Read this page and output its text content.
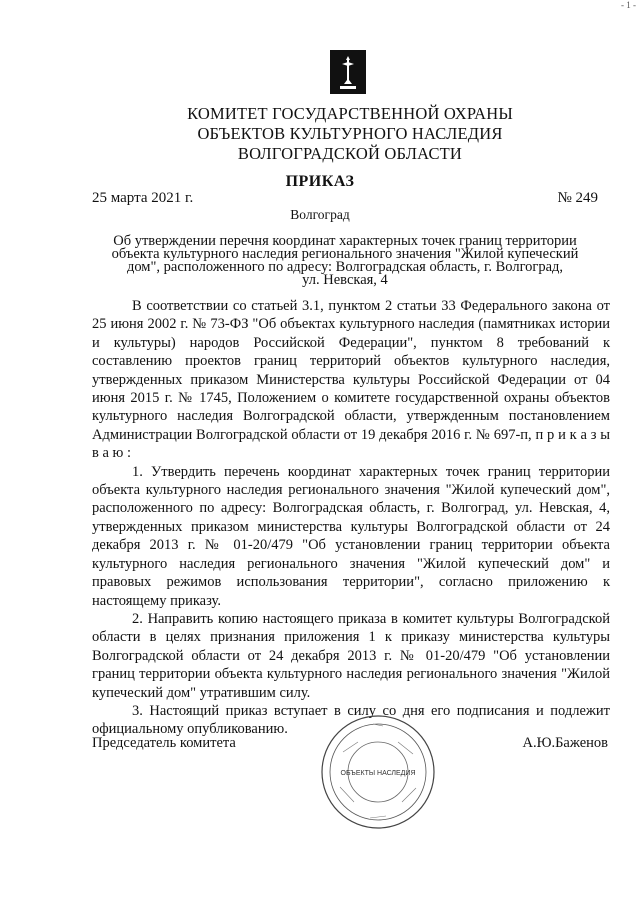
- 1 -
КОМИТЕТ ГОСУДАРСТВЕННОЙ ОХРАНЫ
ОБЪЕКТОВ КУЛЬТУРНОГО НАСЛЕДИЯ
ВОЛГОГРАДСКОЙ ОБЛАСТИ
ПРИКАЗ
25 марта 2021 г.	№ 249
Волгоград
Об утверждении перечня координат характерных точек границ территории
объекта культурного наследия регионального значения "Жилой купеческий
дом", расположенного по адресу: Волгоградская область, г. Волгоград,
ул. Невская, 4

В соответствии со статьей 3.1, пунктом 2 статьи 33 Федерального закона от 25 июня 2002 г. № 73-ФЗ "Об объектах культурного наследия (памятниках истории и культуры) народов Российской Федерации", пунктом 8 требований к составлению проектов границ территорий объектов культурного наследия, утвержденных приказом Министерства культуры Российской Федерации от 04 июня 2015 г. № 1745, Положением о комитете государственной охраны объектов культурного наследия Волгоградской области, утвержденным постановлением Администрации Волгоградской области от 19 декабря 2016 г. № 697-п, п р и к а з ы в а ю :

1. Утвердить перечень координат характерных точек границ территории объекта культурного наследия регионального значения "Жилой купеческий дом", расположенного по адресу: Волгоградская область, г. Волгоград, ул. Невская, 4, утвержденных приказом министерства культуры Волгоградской области от 24 декабря 2013 г. № 01-20/479 "Об установлении границ территории объекта культурного наследия регионального значения "Жилой купеческий дом" и правовых режимов использования территории", согласно приложению к настоящему приказу.

2. Направить копию настоящего приказа в комитет культуры Волгоградской области в целях признания приложения 1 к приказу министерства культуры Волгоградской области от 24 декабря 2013 г. № 01-20/479 "Об установлении границ территории объекта культурного наследия регионального значения "Жилой купеческий дом" утратившим силу.

3. Настоящий приказ вступает в силу со дня его подписания и подлежит официальному опубликованию.

Председатель комитета
ОБЪЕКТЫ НАСЛЕДИЯ
А.Ю.Баженов
